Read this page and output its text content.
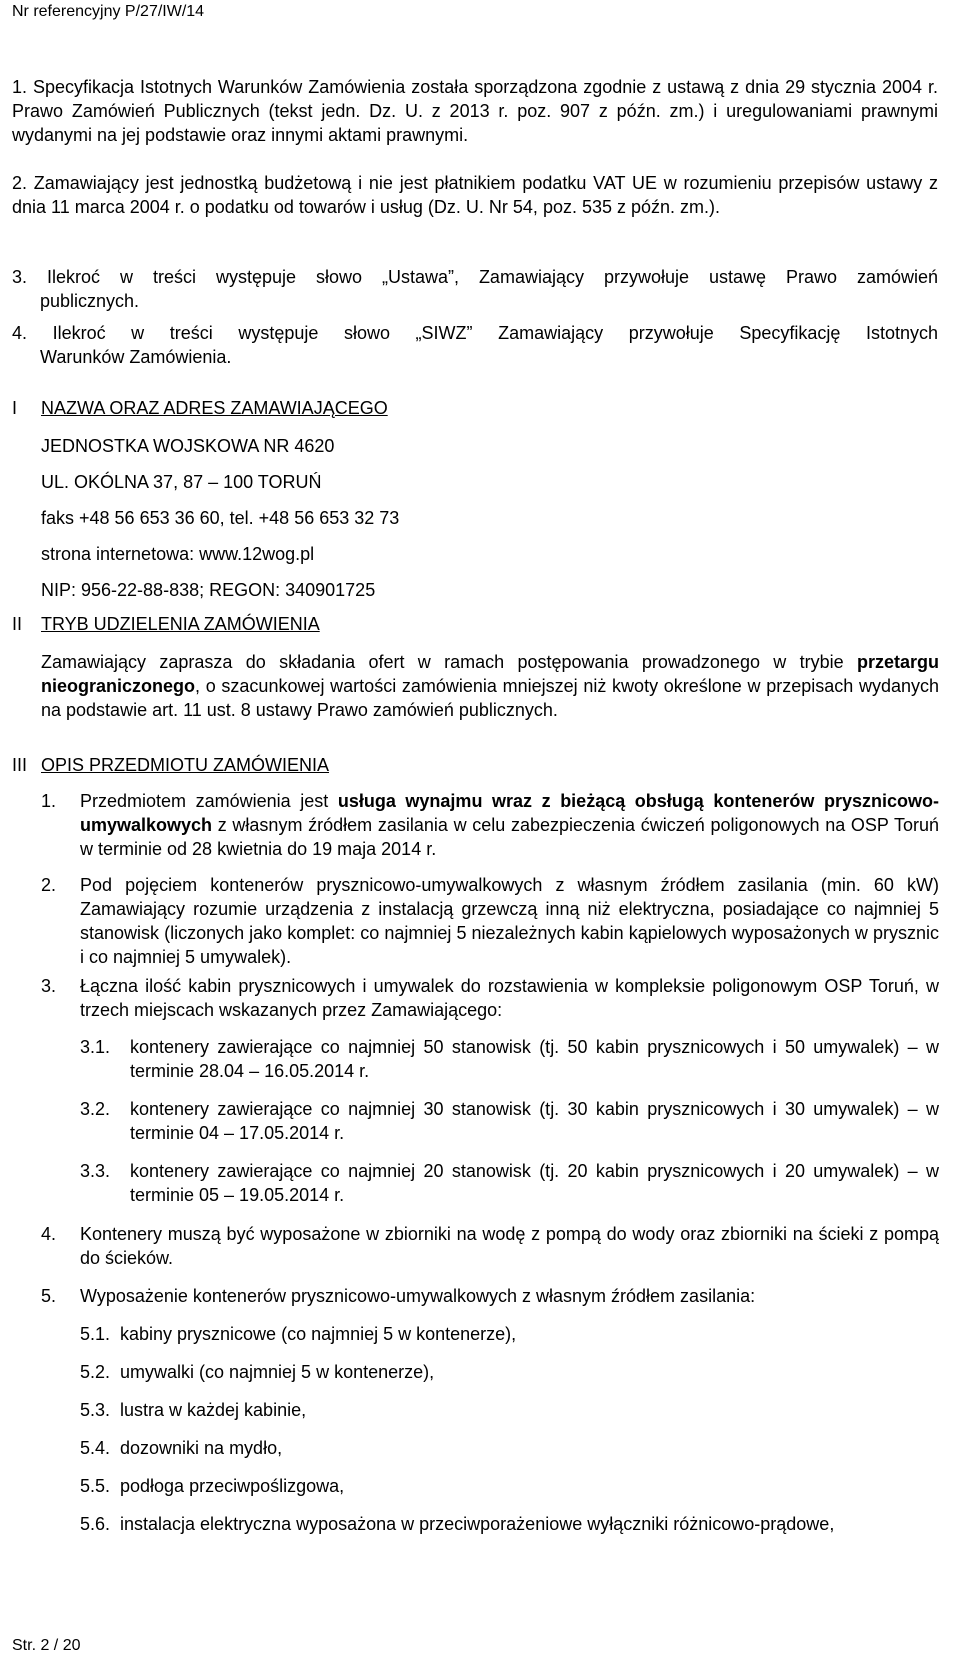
Nr referencyjny P/27/IW/14

1. Specyfikacja Istotnych Warunków Zamówienia została sporządzona zgodnie z ustawą z dnia 29 stycznia 2004 r. Prawo Zamówień Publicznych (tekst jedn. Dz. U. z 2013 r. poz. 907 z późn. zm.) i uregulowaniami prawnymi wydanymi na jej podstawie oraz innymi aktami prawnymi.

2. Zamawiający jest jednostką budżetową i nie jest płatnikiem podatku VAT UE w rozumieniu przepisów ustawy z dnia 11 marca 2004 r. o podatku od towarów i usług (Dz. U. Nr 54, poz. 535 z późn. zm.).

3. Ilekroć w treści występuje słowo „Ustawa”, Zamawiający przywołuje ustawę Prawo zamówień
publicznych.
4. Ilekroć w treści występuje słowo „SIWZ” Zamawiający przywołuje Specyfikację Istotnych
Warunków Zamówienia.
I NAZWA ORAZ ADRES ZAMAWIAJĄCEGO
JEDNOSTKA WOJSKOWA NR 4620
UL. OKÓLNA 37, 87 – 100 TORUŃ
faks +48 56 653 36 60, tel. +48 56 653 32 73
strona internetowa: www.12wog.pl
NIP: 956-22-88-838; REGON: 340901725
II TRYB UDZIELENIA ZAMÓWIENIA
Zamawiający zaprasza do składania ofert w ramach postępowania prowadzonego w trybie przetargu nieograniczonego, o szacunkowej wartości zamówienia mniejszej niż kwoty określone w przepisach wydanych na podstawie art. 11 ust. 8 ustawy Prawo zamówień publicznych.
III OPIS PRZEDMIOTU ZAMÓWIENIA
1. Przedmiotem zamówienia jest usługa wynajmu wraz z bieżącą obsługą kontenerów prysznicowo-umywalkowych z własnym źródłem zasilania w celu zabezpieczenia ćwiczeń poligonowych na OSP Toruń w terminie od 28 kwietnia do 19 maja 2014 r.
2. Pod pojęciem kontenerów prysznicowo-umywalkowych z własnym źródłem zasilania (min. 60 kW) Zamawiający rozumie urządzenia z instalacją grzewczą inną niż elektryczna, posiadające co najmniej 5 stanowisk (liczonych jako komplet: co najmniej 5 niezależnych kabin kąpielowych wyposażonych w prysznic i co najmniej 5 umywalek).
3. Łączna ilość kabin prysznicowych i umywalek do rozstawienia w kompleksie poligonowym OSP Toruń, w trzech miejscach wskazanych przez Zamawiającego:
3.1. kontenery zawierające co najmniej 50 stanowisk (tj. 50 kabin prysznicowych i 50 umywalek) – w terminie 28.04 – 16.05.2014 r.
3.2. kontenery zawierające co najmniej 30 stanowisk (tj. 30 kabin prysznicowych i 30 umywalek) – w terminie 04 – 17.05.2014 r.
3.3. kontenery zawierające co najmniej 20 stanowisk (tj. 20 kabin prysznicowych i 20 umywalek) – w terminie 05 – 19.05.2014 r.
4. Kontenery muszą być wyposażone w zbiorniki na wodę z pompą do wody oraz zbiorniki na ścieki z pompą do ścieków.
5. Wyposażenie kontenerów prysznicowo-umywalkowych z własnym źródłem zasilania:
5.1. kabiny prysznicowe (co najmniej 5 w kontenerze),
5.2. umywalki (co najmniej 5 w kontenerze),
5.3. lustra w każdej kabinie,
5.4. dozowniki na mydło,
5.5. podłoga przeciwpoślizgowa,
5.6. instalacja elektryczna wyposażona w przeciwporażeniowe wyłączniki różnicowo-prądowe,
Str. 2 / 20
